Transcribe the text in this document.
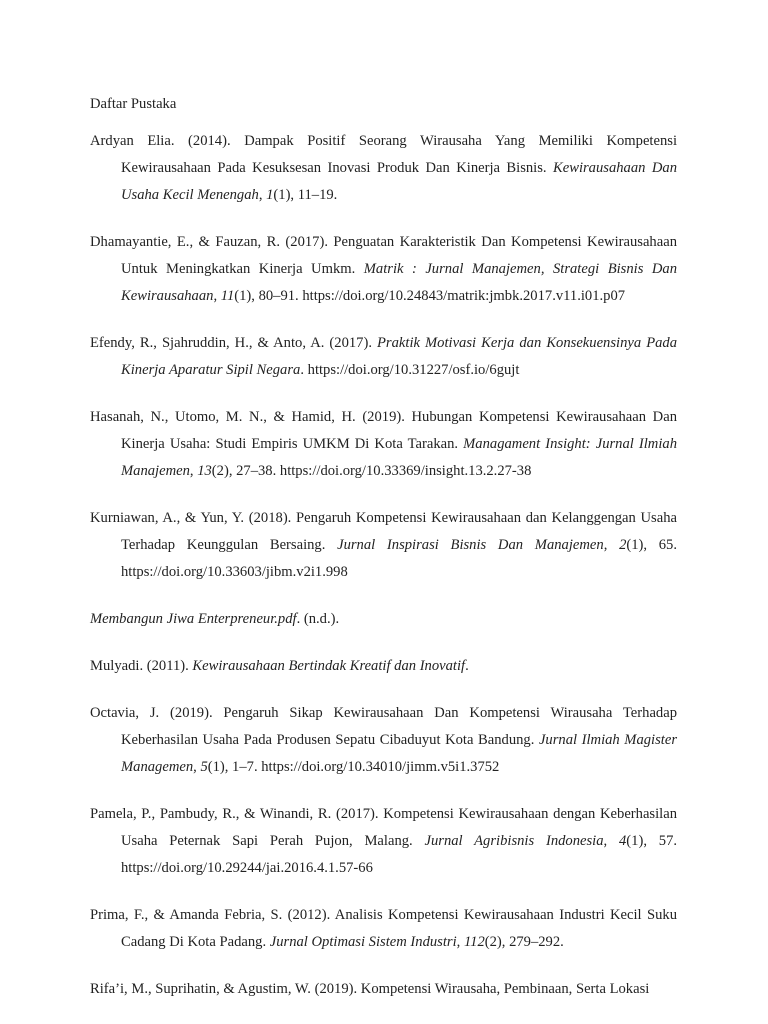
Daftar Pustaka

Ardyan Elia. (2014). Dampak Positif Seorang Wirausaha Yang Memiliki Kompetensi Kewirausahaan Pada Kesuksesan Inovasi Produk Dan Kinerja Bisnis. Kewirausahaan Dan Usaha Kecil Menengah, 1(1), 11–19.

Dhamayantie, E., & Fauzan, R. (2017). Penguatan Karakteristik Dan Kompetensi Kewirausahaan Untuk Meningkatkan Kinerja Umkm. Matrik : Jurnal Manajemen, Strategi Bisnis Dan Kewirausahaan, 11(1), 80–91. https://doi.org/10.24843/matrik:jmbk.2017.v11.i01.p07

Efendy, R., Sjahruddin, H., & Anto, A. (2017). Praktik Motivasi Kerja dan Konsekuensinya Pada Kinerja Aparatur Sipil Negara. https://doi.org/10.31227/osf.io/6gujt

Hasanah, N., Utomo, M. N., & Hamid, H. (2019). Hubungan Kompetensi Kewirausahaan Dan Kinerja Usaha: Studi Empiris UMKM Di Kota Tarakan. Managament Insight: Jurnal Ilmiah Manajemen, 13(2), 27–38. https://doi.org/10.33369/insight.13.2.27-38

Kurniawan, A., & Yun, Y. (2018). Pengaruh Kompetensi Kewirausahaan dan Kelanggengan Usaha Terhadap Keunggulan Bersaing. Jurnal Inspirasi Bisnis Dan Manajemen, 2(1), 65. https://doi.org/10.33603/jibm.v2i1.998

Membangun Jiwa Enterpreneur.pdf. (n.d.).

Mulyadi. (2011). Kewirausahaan Bertindak Kreatif dan Inovatif.

Octavia, J. (2019). Pengaruh Sikap Kewirausahaan Dan Kompetensi Wirausaha Terhadap Keberhasilan Usaha Pada Produsen Sepatu Cibaduyut Kota Bandung. Jurnal Ilmiah Magister Managemen, 5(1), 1–7. https://doi.org/10.34010/jimm.v5i1.3752

Pamela, P., Pambudy, R., & Winandi, R. (2017). Kompetensi Kewirausahaan dengan Keberhasilan Usaha Peternak Sapi Perah Pujon, Malang. Jurnal Agribisnis Indonesia, 4(1), 57. https://doi.org/10.29244/jai.2016.4.1.57-66

Prima, F., & Amanda Febria, S. (2012). Analisis Kompetensi Kewirausahaan Industri Kecil Suku Cadang Di Kota Padang. Jurnal Optimasi Sistem Industri, 112(2), 279–292.

Rifa’i, M., Suprihatin, & Agustim, W. (2019). Kompetensi Wirausaha, Pembinaan, Serta Lokasi
